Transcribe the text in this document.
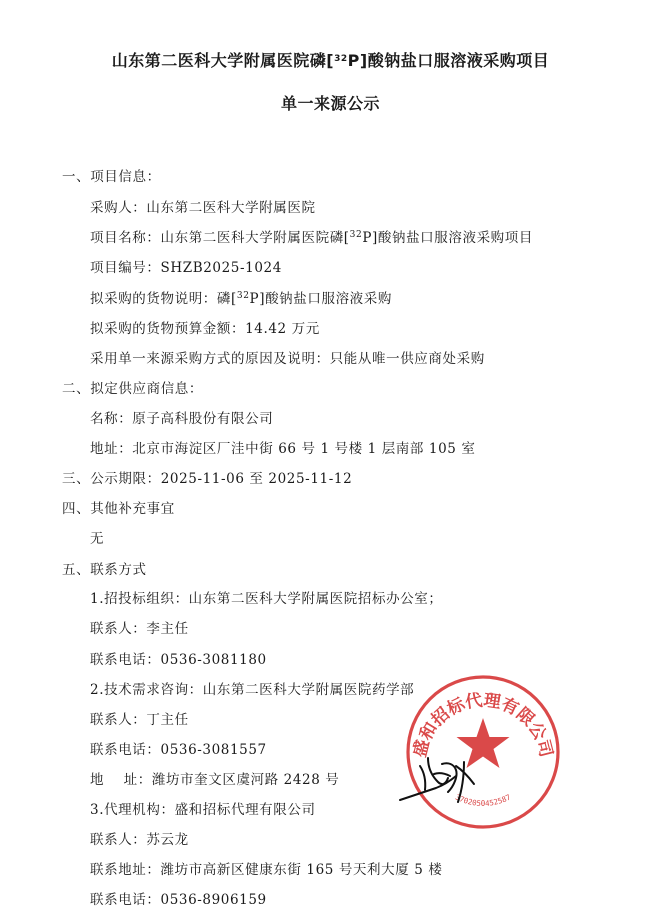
山东第二医科大学附属医院磷[$^{32}$P]酸钠盐口服溶液采购项目
单一来源公示
一、项目信息：
采购人：山东第二医科大学附属医院
项目名称：山东第二医科大学附属医院磷[$^{32}$P]酸钠盐口服溶液采购项目
项目编号：SHZB2025-1024
拟采购的货物说明：磷[$^{32}$P]酸钠盐口服溶液采购
拟采购的货物预算金额：14.42 万元
采用单一来源采购方式的原因及说明：只能从唯一供应商处采购
二、拟定供应商信息：
名称：原子高科股份有限公司
地址：北京市海淀区厂洼中街 66 号 1 号楼 1 层南部 105 室
三、公示期限：2025-11-06 至 2025-11-12
四、其他补充事宜
无
五、联系方式
1.招投标组织：山东第二医科大学附属医院招标办公室；
联系人：李主任
联系电话：0536-3081180
2.技术需求咨询：山东第二医科大学附属医院药学部
联系人：丁主任
联系电话：0536-3081557
地    址：潍坊市奎文区虞河路 2428 号
3.代理机构：盛和招标代理有限公司
联系人：苏云龙
联系地址：潍坊市高新区健康东街 165 号天利大厦 5 楼
联系电话：0536-8906159
盛和招标代理有限公司
3702050452587
